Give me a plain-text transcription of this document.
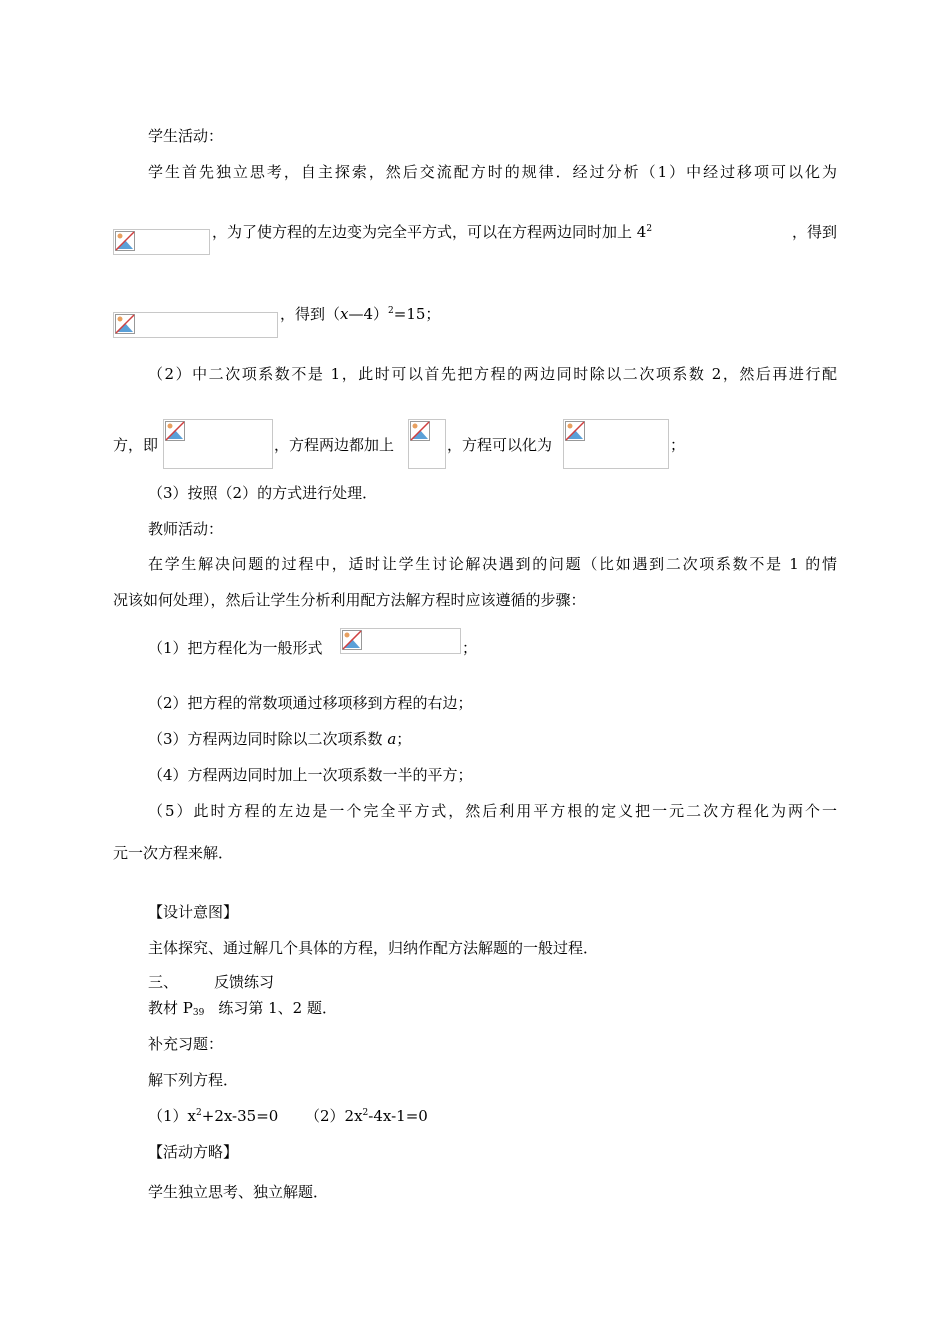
学生活动：
学生首先独立思考，自主探索，然后交流配方时的规律．经过分析（1）中经过移项可以化为
，为了使方程的左边变为完全平方式，可以在方程两边同时加上 $4^2$	，得到
，得到（x—4）$^2$=15；
（2）中二次项系数不是 1，此时可以首先把方程的两边同时除以二次项系数 2，然后再进行配
方，即	，方程两边都加上	，方程可以化为	；
（3）按照（2）的方式进行处理．
教师活动：
在学生解决问题的过程中，适时让学生讨论解决遇到的问题（比如遇到二次项系数不是 1 的情
况该如何处理），然后让学生分析利用配方法解方程时应该遵循的步骤：
（1）把方程化为一般形式	；
（2）把方程的常数项通过移项移到方程的右边；
（3）方程两边同时除以二次项系数 a；
（4）方程两边同时加上一次项系数一半的平方；
（5）此时方程的左边是一个完全平方式，然后利用平方根的定义把一元二次方程化为两个一
元一次方程来解．
【设计意图】
主体探究、通过解几个具体的方程，归纳作配方法解题的一般过程．
三、 反馈练习
教材 $P_{39}$ 练习第 1、2 题．
补充习题：
解下列方程．
$(1)x^2+2x-35=0$ $(2)2x^2-4x-1=0$
【活动方略】
学生独立思考、独立解题．
